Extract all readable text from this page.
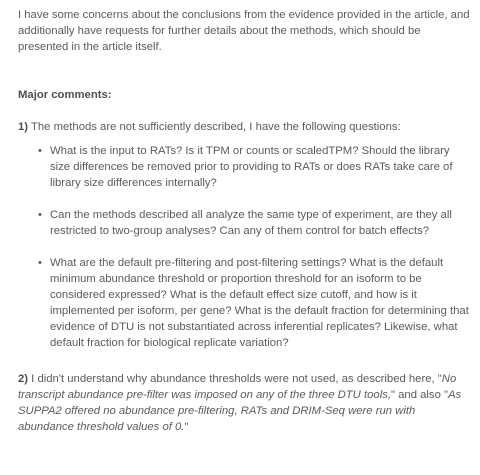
I have some concerns about the conclusions from the evidence provided in the article, and additionally have requests for further details about the methods, which should be presented in the article itself.

Major comments:

1) The methods are not sufficiently described, I have the following questions:

• What is the input to RATs? Is it TPM or counts or scaledTPM? Should the library size differences be removed prior to providing to RATs or does RATs take care of library size differences internally?
• Can the methods described all analyze the same type of experiment, are they all restricted to two-group analyses? Can any of them control for batch effects?
• What are the default pre-filtering and post-filtering settings? What is the default minimum abundance threshold or proportion threshold for an isoform to be considered expressed? What is the default effect size cutoff, and how is it implemented per isoform, per gene? What is the default fraction for determining that evidence of DTU is not substantiated across inferential replicates? Likewise, what default fraction for biological replicate variation?

2) I didn't understand why abundance thresholds were not used, as described here, "No transcript abundance pre-filter was imposed on any of the three DTU tools," and also "As SUPPA2 offered no abundance pre-filtering, RATs and DRIM-Seq were run with abundance threshold values of 0."
